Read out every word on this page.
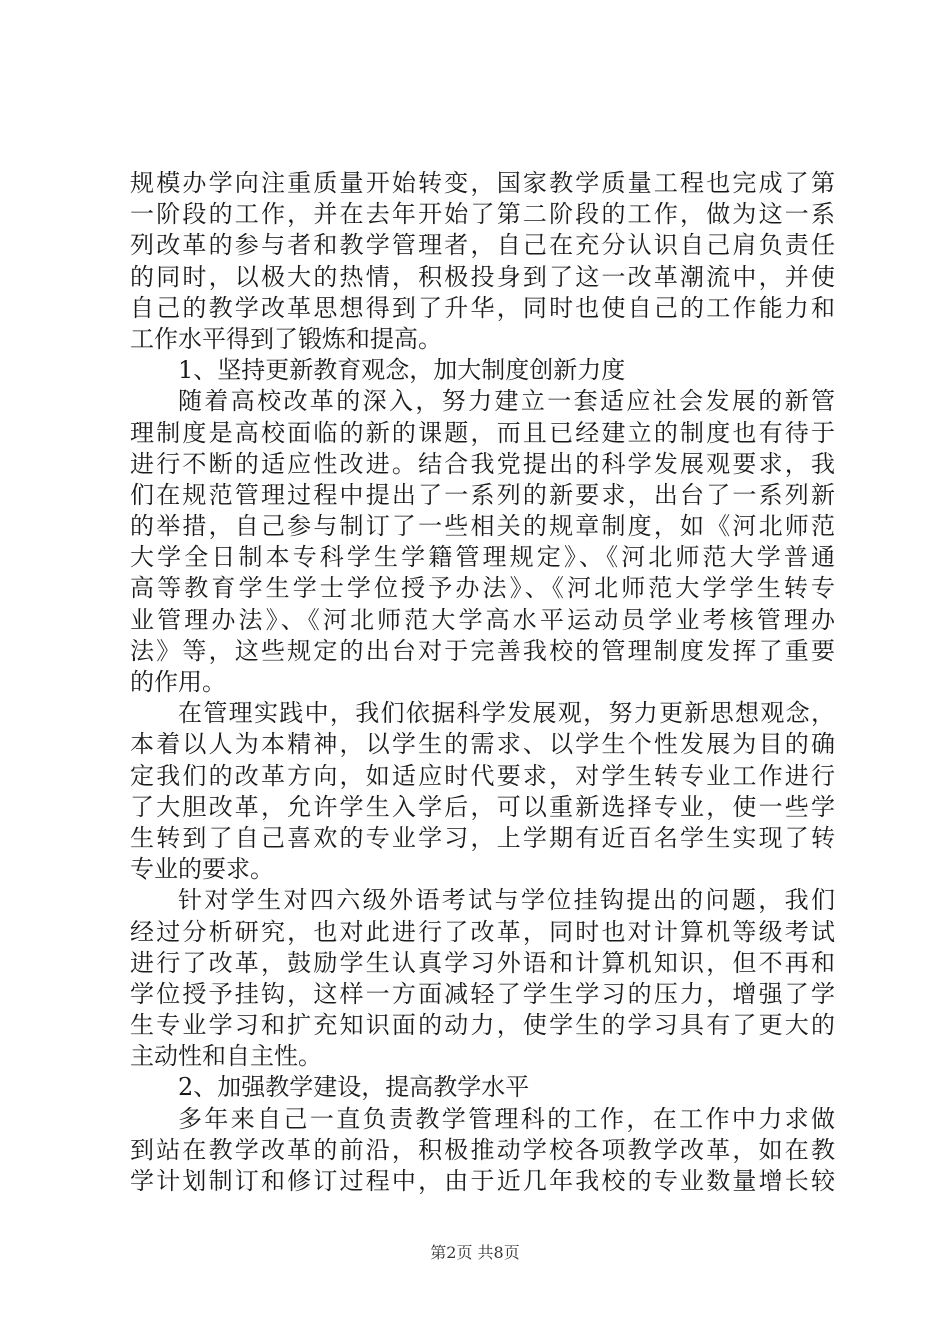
规模办学向注重质量开始转变，国家教学质量工程也完成了第
一阶段的工作，并在去年开始了第二阶段的工作，做为这一系
列改革的参与者和教学管理者，自己在充分认识自己肩负责任
的同时，以极大的热情，积极投身到了这一改革潮流中，并使
自己的教学改革思想得到了升华，同时也使自己的工作能力和
工作水平得到了锻炼和提高。
1、坚持更新教育观念，加大制度创新力度
随着高校改革的深入，努力建立一套适应社会发展的新管
理制度是高校面临的新的课题，而且已经建立的制度也有待于
进行不断的适应性改进。结合我党提出的科学发展观要求，我
们在规范管理过程中提出了一系列的新要求，出台了一系列新
的举措，自己参与制订了一些相关的规章制度，如《河北师范
大学全日制本专科学生学籍管理规定》、《河北师范大学普通
高等教育学生学士学位授予办法》、《河北师范大学学生转专
业管理办法》、《河北师范大学高水平运动员学业考核管理办
法》等，这些规定的出台对于完善我校的管理制度发挥了重要
的作用。
在管理实践中，我们依据科学发展观，努力更新思想观念，
本着以人为本精神，以学生的需求、以学生个性发展为目的确
定我们的改革方向，如适应时代要求，对学生转专业工作进行
了大胆改革，允许学生入学后，可以重新选择专业，使一些学
生转到了自己喜欢的专业学习，上学期有近百名学生实现了转
专业的要求。
针对学生对四六级外语考试与学位挂钩提出的问题，我们
经过分析研究，也对此进行了改革，同时也对计算机等级考试
进行了改革，鼓励学生认真学习外语和计算机知识，但不再和
学位授予挂钩，这样一方面减轻了学生学习的压力，增强了学
生专业学习和扩充知识面的动力，使学生的学习具有了更大的
主动性和自主性。
2、加强教学建设，提高教学水平
多年来自己一直负责教学管理科的工作，在工作中力求做
到站在教学改革的前沿，积极推动学校各项教学改革，如在教
学计划制订和修订过程中，由于近几年我校的专业数量增长较
第2页 共8页
